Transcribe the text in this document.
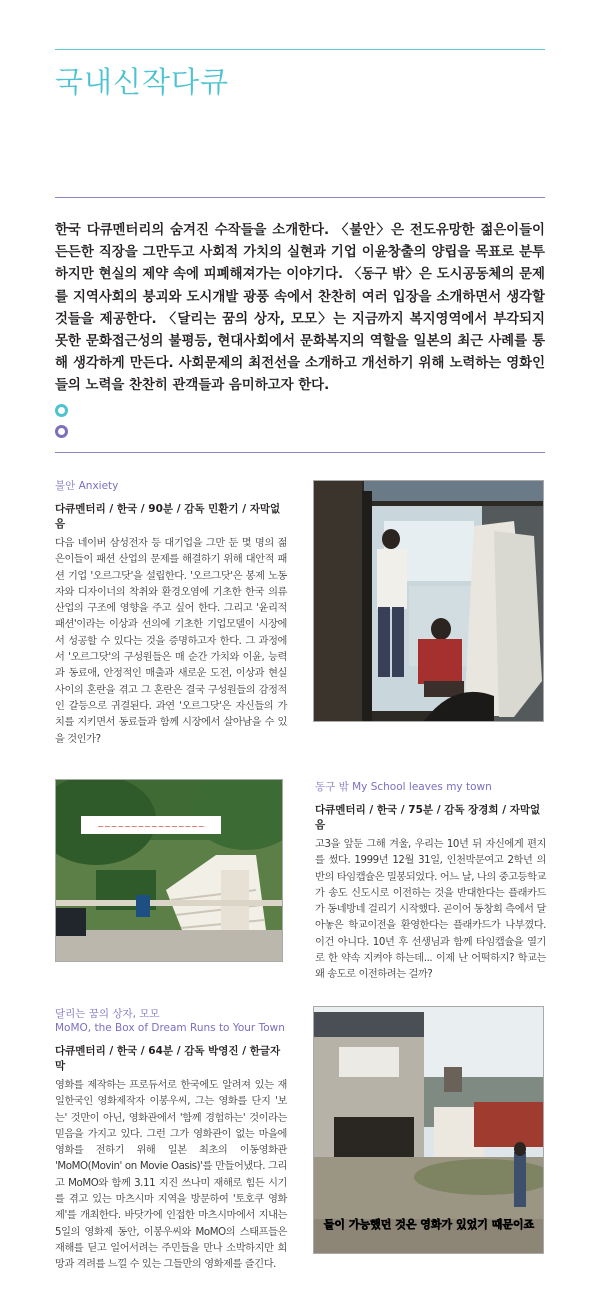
국내신작다큐

한국 다큐멘터리의 숨겨진 수작들을 소개한다. 〈불안〉은 전도유망한 젊은이들이 든든한 직장을 그만두고 사회적 가치의 실현과 기업 이윤창출의 양립을 목표로 분투하지만 현실의 제약 속에 피폐해져가는 이야기다. 〈동구 밖〉은 도시공동체의 문제를 지역사회의 붕괴와 도시개발 광풍 속에서 찬찬히 여러 입장을 소개하면서 생각할 것들을 제공한다. 〈달리는 꿈의 상자, 모모〉는 지금까지 복지영역에서 부각되지 못한 문화접근성의 불평등, 현대사회에서 문화복지의 역할을 일본의 최근 사례를 통해 생각하게 만든다. 사회문제의 최전선을 소개하고 개선하기 위해 노력하는 영화인들의 노력을 찬찬히 관객들과 음미하고자 한다.

불안 Anxiety
다큐멘터리 / 한국 / 90분 / 감독 민환기 / 자막없음
다음 네이버 삼성전자 등 대기업을 그만 둔 몇 명의 젊은이들이 패션 산업의 문제를 해결하기 위해 대안적 패션 기업 '오르그닷'을 설립한다. '오르그닷'은 봉제 노동자와 디자이너의 착취와 환경오염에 기초한 한국 의류 산업의 구조에 영향을 주고 싶어 한다. 그리고 '윤리적 패션'이라는 이상과 선의에 기초한 기업모델이 시장에서 성공할 수 있다는 것을 증명하고자 한다. 그 과정에서 '오르그닷'의 구성원들은 매 순간 가치와 이윤, 능력과 동료애, 안정적인 매출과 새로운 도전, 이상과 현실 사이의 혼란을 겪고 그 혼란은 결국 구성원들의 감정적인 갈등으로 귀결된다. 과연 '오르그닷'은 자신들의 가치를 지키면서 동료들과 함께 시장에서 살아남을 수 있을 것인가?
~~~~~~~~~~~~~~~~
동구 밖 My School leaves my town
다큐멘터리 / 한국 / 75분 / 감독 장경희 / 자막없음
고3을 앞둔 그해 겨울, 우리는 10년 뒤 자신에게 편지를 썼다. 1999년 12월 31일, 인천박문여고 2학년 의반의 타임캡슐은 밀봉되었다. 어느 날, 나의 중고등학교가 송도 신도시로 이전하는 것을 반대한다는 플래카드가 동네방네 걸리기 시작했다. 곧이어 동창회 측에서 달아놓은 학교이전을 환영한다는 플래카드가 나부꼈다. 이건 아니다. 10년 후 선생님과 함께 타임캡슐을 열기로 한 약속 지켜야 하는데... 이제 난 어떡하지? 학교는 왜 송도로 이전하려는 걸까?
달리는 꿈의 상자, 모모
MoMO, the Box of Dream Runs to Your Town
다큐멘터리 / 한국 / 64분 / 감독 박영진 / 한글자막
영화를 제작하는 프로듀서로 한국에도 알려져 있는 재일한국인 영화제작자 이봉우씨, 그는 영화를 단지 '보는' 것만이 아닌, 영화관에서 '함께 경험하는' 것이라는 믿음을 가지고 있다. 그런 그가 영화관이 없는 마을에 영화를 전하기 위해 일본 최초의 이동영화관 'MoMO(Movin' on Movie Oasis)'를 만들어냈다. 그리고 MoMO와 함께 3.11 지진 쓰나미 재해로 힘든 시기를 겪고 있는 마츠시마 지역을 방문하여 '토호쿠 영화제'를 개최한다. 바닷가에 인접한 마츠시마에서 지내는 5일의 영화제 동안, 이봉우씨와 MoMO의 스태프들은 재해를 딛고 일어서려는 주민들을 만나 소박하지만 희망과 격려를 느낄 수 있는 그들만의 영화제를 즐긴다.
들이 가능했던 것은 영화가 있었기 때문이죠
